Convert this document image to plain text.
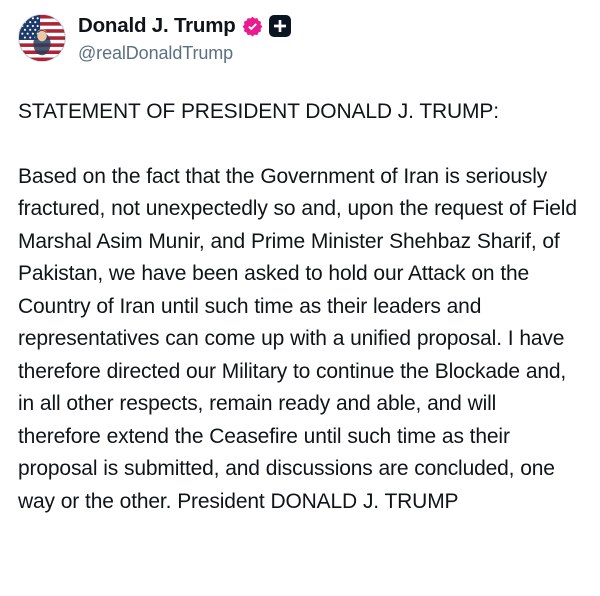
Donald J. Trump
@realDonaldTrump

STATEMENT OF PRESIDENT DONALD J. TRUMP:

Based on the fact that the Government of Iran is seriously fractured, not unexpectedly so and, upon the request of Field Marshal Asim Munir, and Prime Minister Shehbaz Sharif, of Pakistan, we have been asked to hold our Attack on the Country of Iran until such time as their leaders and representatives can come up with a unified proposal. I have therefore directed our Military to continue the Blockade and, in all other respects, remain ready and able, and will therefore extend the Ceasefire until such time as their proposal is submitted, and discussions are concluded, one way or the other. President DONALD J. TRUMP
